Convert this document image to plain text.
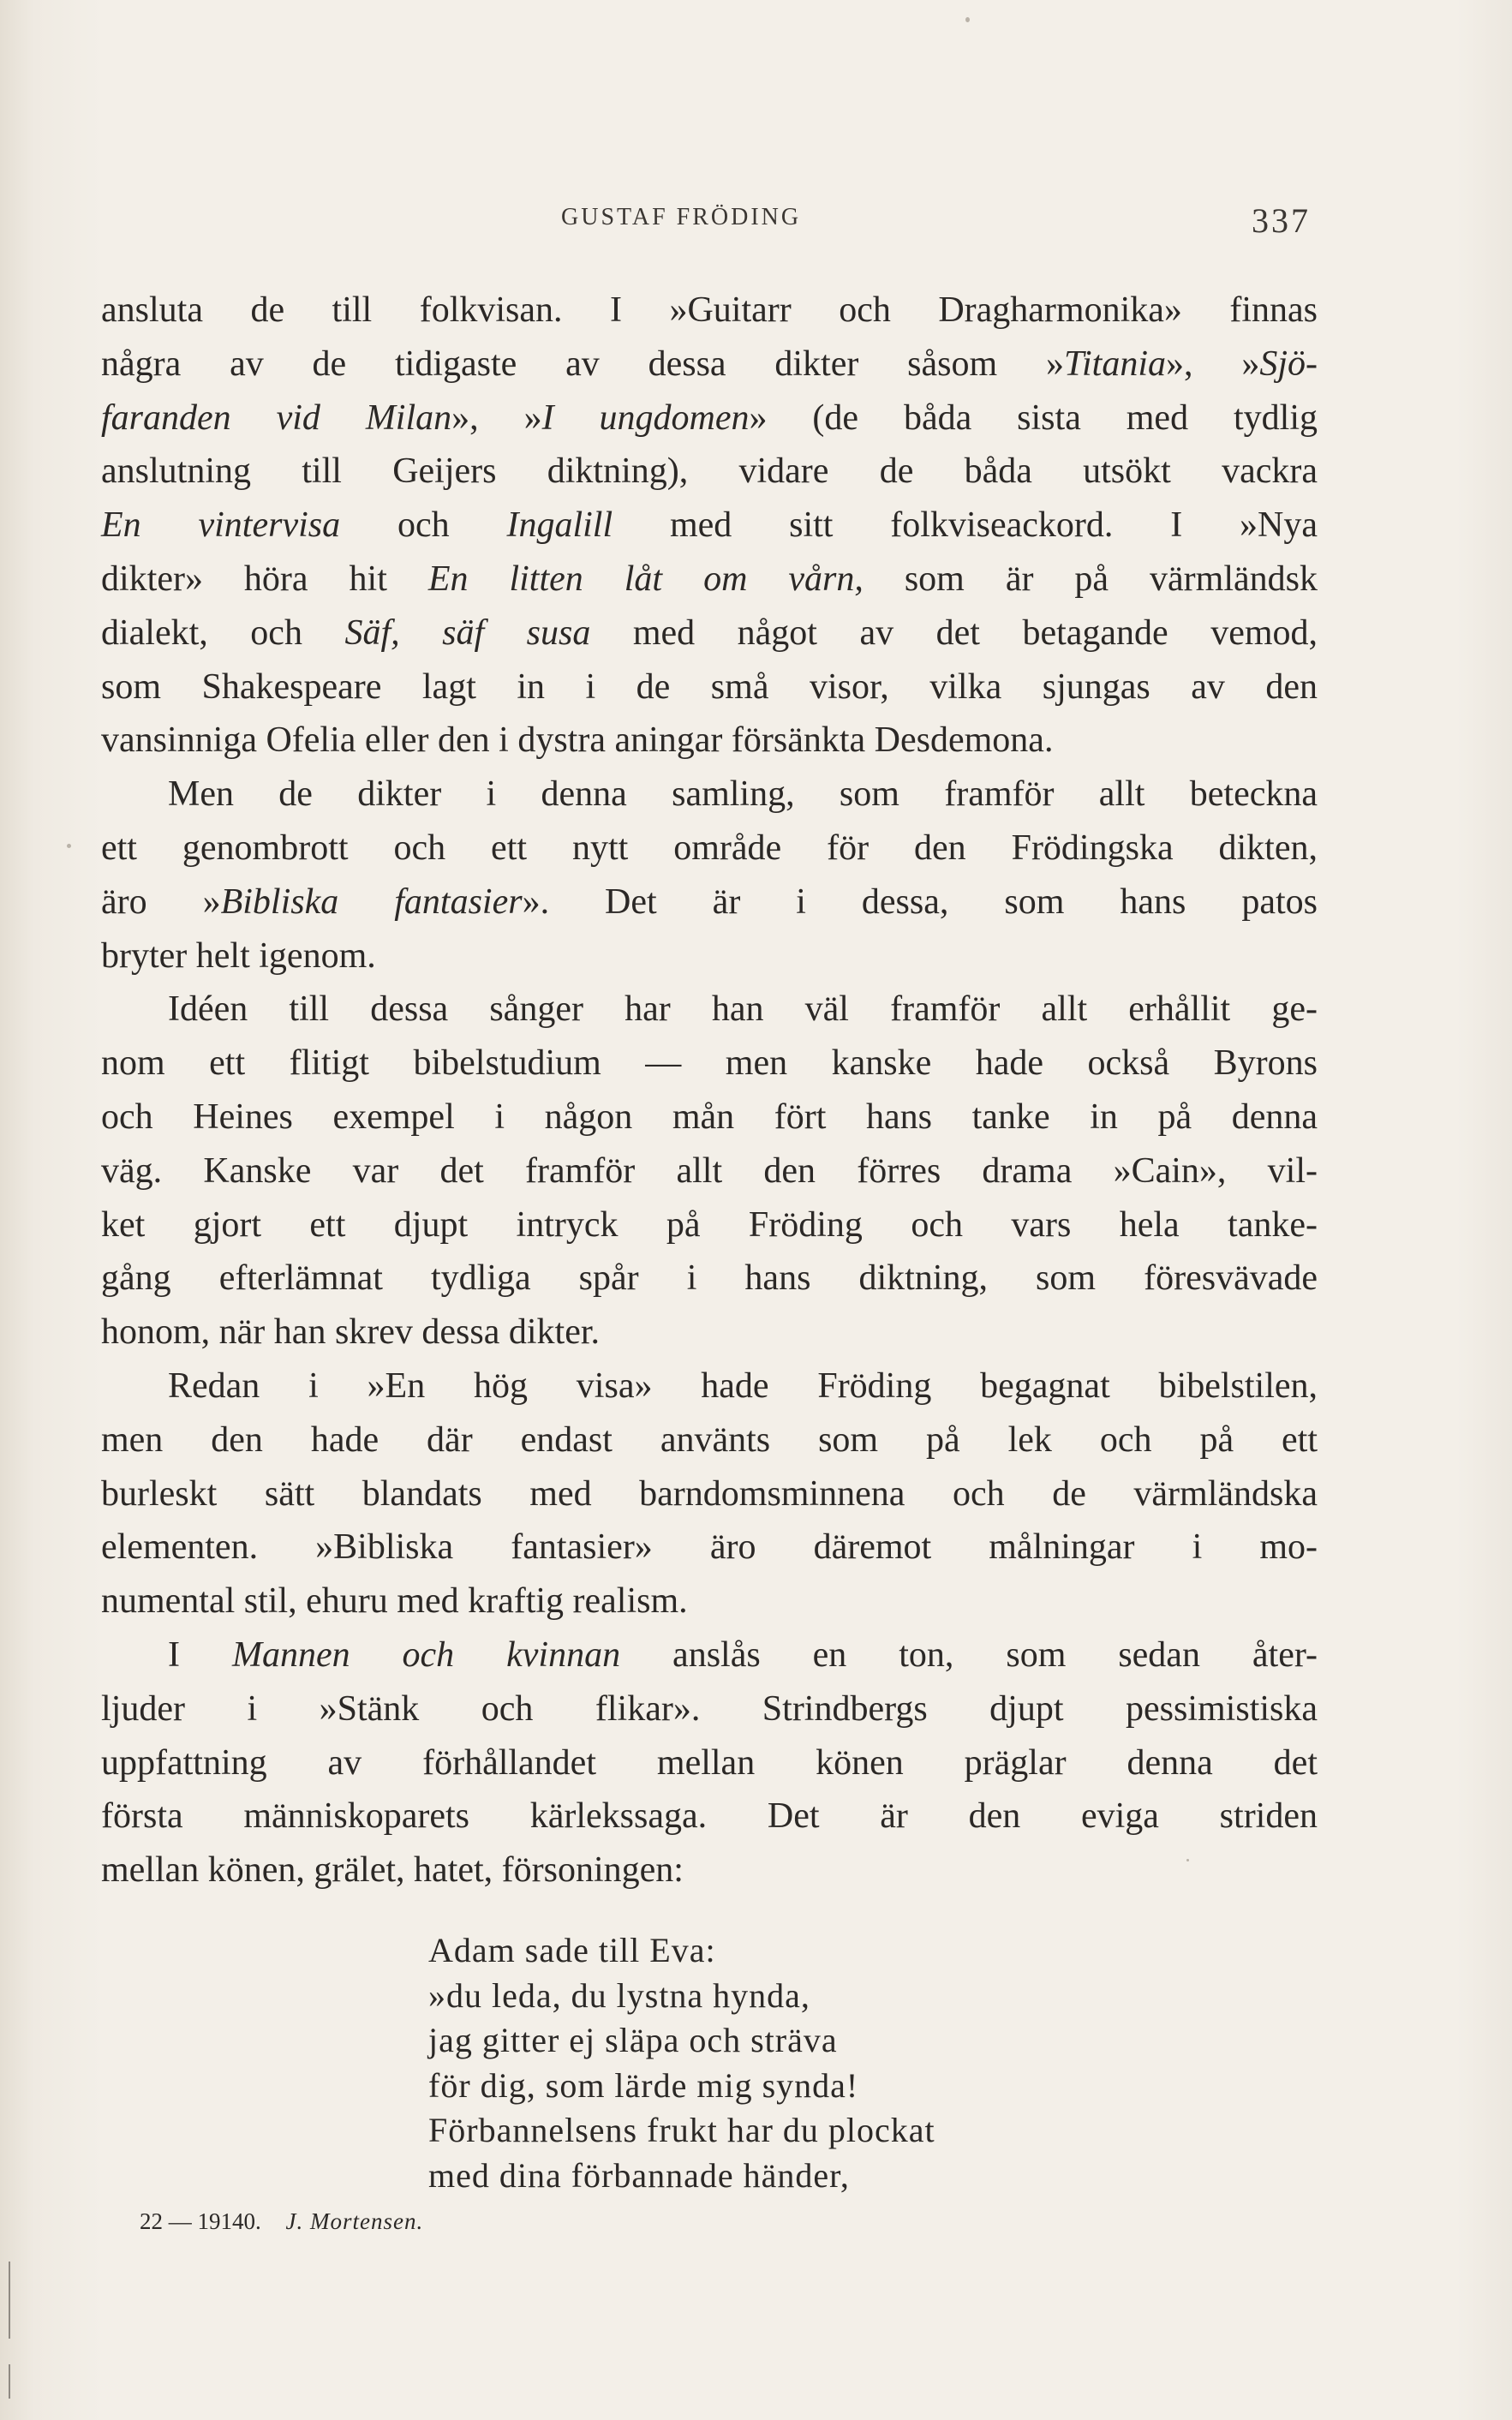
GUSTAF FRÖDING	337

ansluta de till folkvisan. I »Guitarr och Dragharmonika» finnas
några av de tidigaste av dessa dikter såsom »Titania», »Sjö-
faranden vid Milan», »I ungdomen» (de båda sista med tydlig
anslutning till Geijers diktning), vidare de båda utsökt vackra
En vintervisa och Ingalill med sitt folkviseackord. I »Nya
dikter» höra hit En litten låt om vårn, som är på värmländsk
dialekt, och Säf, säf susa med något av det betagande vemod,
som Shakespeare lagt in i de små visor, vilka sjungas av den
vansinniga Ofelia eller den i dystra aningar försänkta Desdemona.

Men de dikter i denna samling, som framför allt beteckna
ett genombrott och ett nytt område för den Frödingska dikten,
äro »Bibliska fantasier». Det är i dessa, som hans patos
bryter helt igenom.

Idéen till dessa sånger har han väl framför allt erhållit ge-
nom ett flitigt bibelstudium — men kanske hade också Byrons
och Heines exempel i någon mån fört hans tanke in på denna
väg. Kanske var det framför allt den förres drama »Cain», vil-
ket gjort ett djupt intryck på Fröding och vars hela tanke-
gång efterlämnat tydliga spår i hans diktning, som föresvävade
honom, när han skrev dessa dikter.

Redan i »En hög visa» hade Fröding begagnat bibelstilen,
men den hade där endast använts som på lek och på ett
burleskt sätt blandats med barndomsminnena och de värmländska
elementen. »Bibliska fantasier» äro däremot målningar i mo-
numental stil, ehuru med kraftig realism.

I Mannen och kvinnan anslås en ton, som sedan åter-
ljuder i »Stänk och flikar». Strindbergs djupt pessimistiska
uppfattning av förhållandet mellan könen präglar denna det
första människoparets kärlekssaga. Det är den eviga striden
mellan könen, grälet, hatet, försoningen:

Adam sade till Eva:
»du leda, du lystna hynda,
jag gitter ej släpa och sträva
för dig, som lärde mig synda!
Förbannelsens frukt har du plockat
med dina förbannade händer,
22 — 19140. J. Mortensen.
